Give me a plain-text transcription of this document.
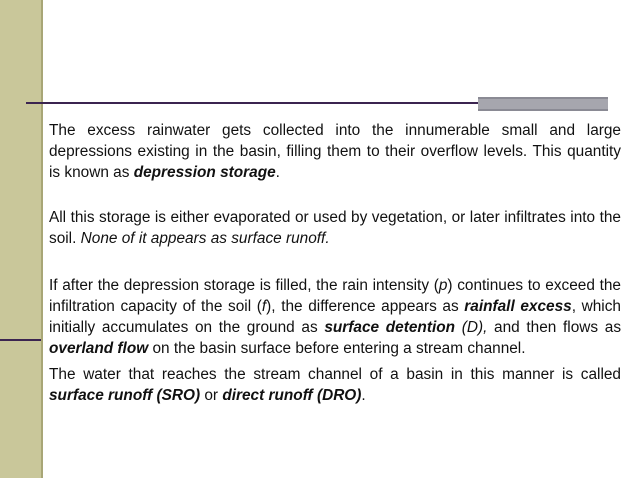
The excess rainwater gets collected into the innumerable small and large depressions existing in the basin, filling them to their overflow levels. This quantity is known as depression storage.

All this storage is either evaporated or used by vegetation, or later infiltrates into the soil. None of it appears as surface runoff.

If after the depression storage is filled, the rain intensity (p) continues to exceed the infiltration capacity of the soil (f), the difference appears as rainfall excess, which initially accumulates on the ground as surface detention (D), and then flows as overland flow on the basin surface before entering a stream channel.

The water that reaches the stream channel of a basin in this manner is called surface runoff (SRO) or direct runoff (DRO).
